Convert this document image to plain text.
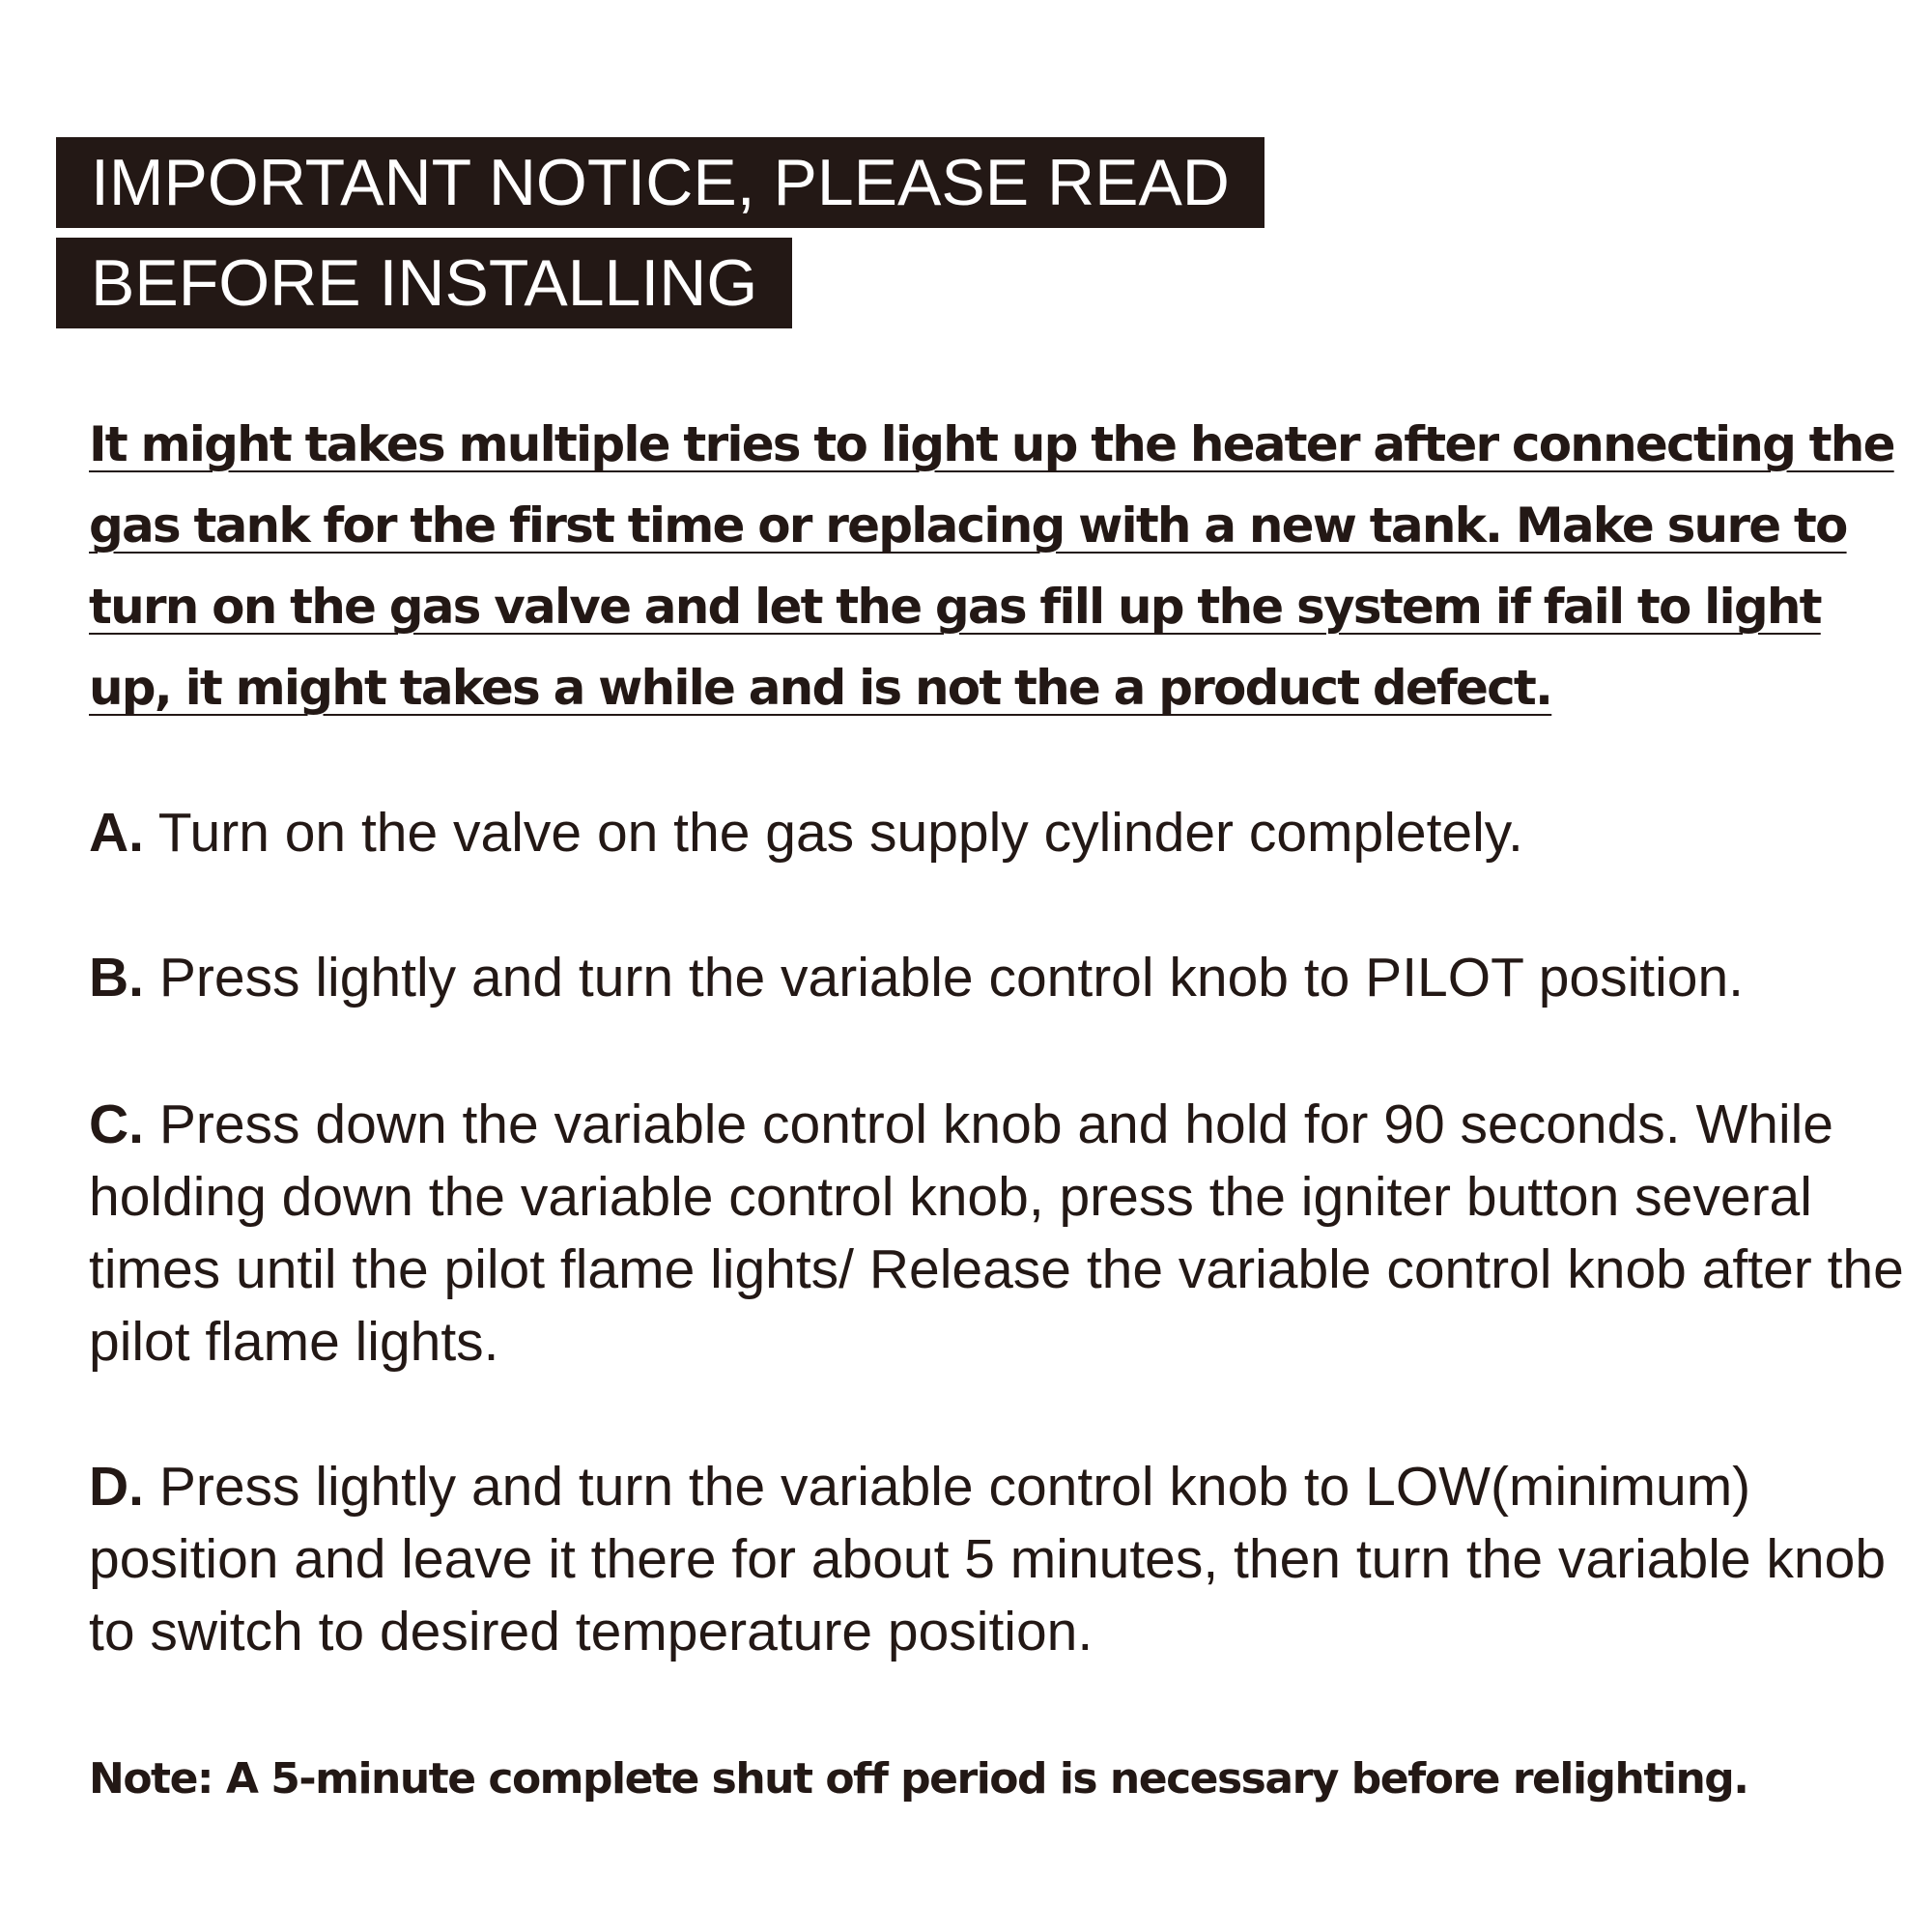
IMPORTANT NOTICE, PLEASE READ
BEFORE INSTALLING

It might takes multiple tries to light up the heater after connecting the gas tank for the first time or replacing with a new tank. Make sure to turn on the gas valve and let the gas fill up the system if fail to light up, it might takes a while and is not the a product defect.

A. Turn on the valve on the gas supply cylinder completely.

B. Press lightly and turn the variable control knob to PILOT position.

C. Press down the variable control knob and hold for 90 seconds. While holding down the variable control knob, press the igniter button several times until the pilot flame lights/ Release the variable control knob after the pilot flame lights.

D. Press lightly and turn the variable control knob to LOW(minimum) position and leave it there for about 5 minutes, then turn the variable knob to switch to desired temperature position.

Note: A 5-minute complete shut off period is necessary before relighting.
